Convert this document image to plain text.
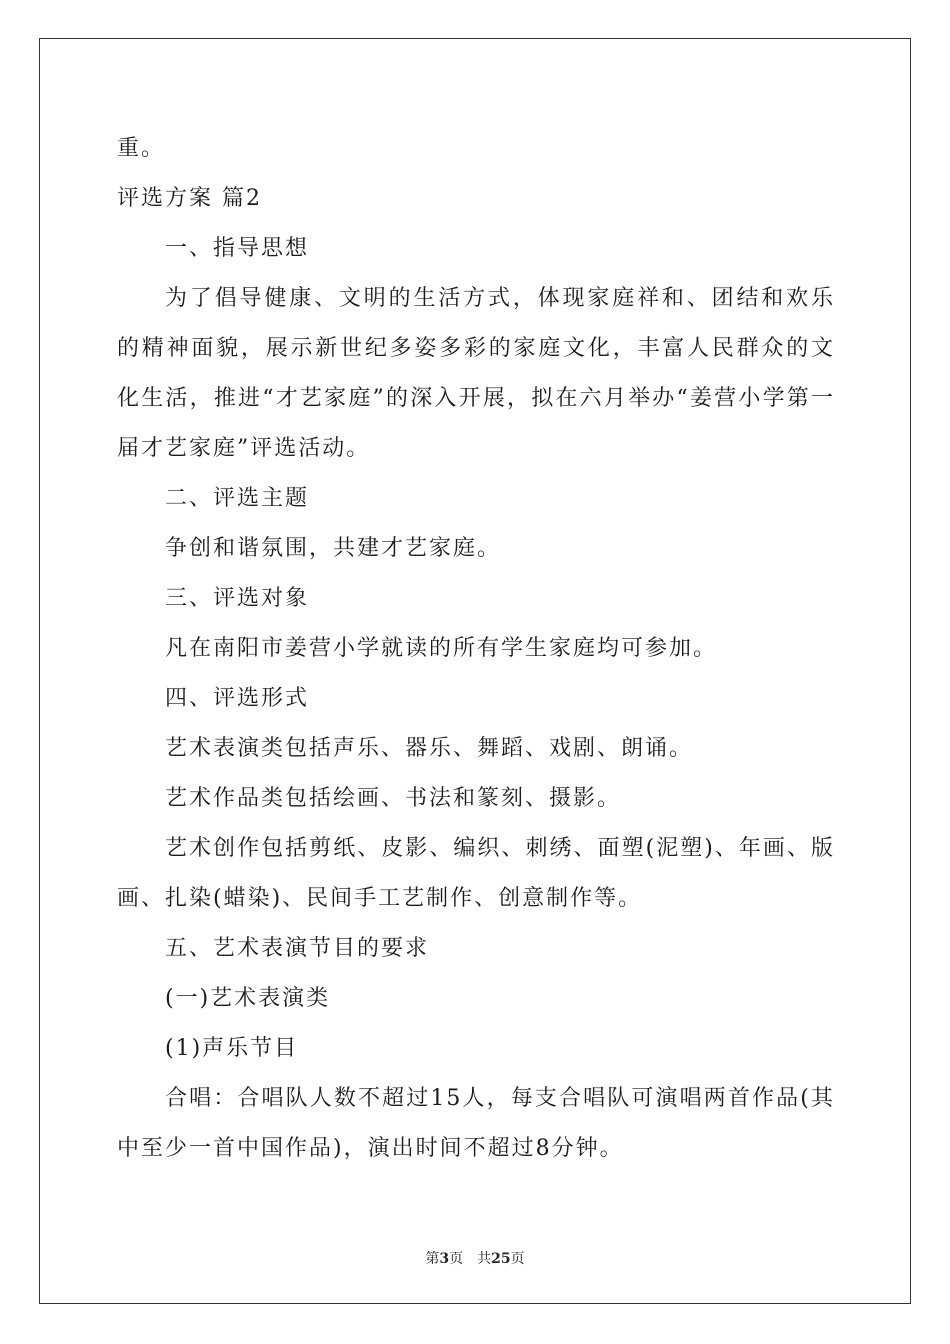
重。
评选方案 篇2
一、指导思想
为了倡导健康、文明的生活方式，体现家庭祥和、团结和欢乐的精神面貌，展示新世纪多姿多彩的家庭文化，丰富人民群众的文化生活，推进“才艺家庭”的深入开展，拟在六月举办“姜营小学第一届才艺家庭”评选活动。
二、评选主题
争创和谐氛围，共建才艺家庭。
三、评选对象
凡在南阳市姜营小学就读的所有学生家庭均可参加。
四、评选形式
艺术表演类包括声乐、器乐、舞蹈、戏剧、朗诵。
艺术作品类包括绘画、书法和篆刻、摄影。
艺术创作包括剪纸、皮影、编织、刺绣、面塑(泥塑)、年画、版画、扎染(蜡染)、民间手工艺制作、创意制作等。
五、艺术表演节目的要求
(一)艺术表演类
(1)声乐节目
合唱：合唱队人数不超过15人，每支合唱队可演唱两首作品(其中至少一首中国作品)，演出时间不超过8分钟。
第3页　共25页
